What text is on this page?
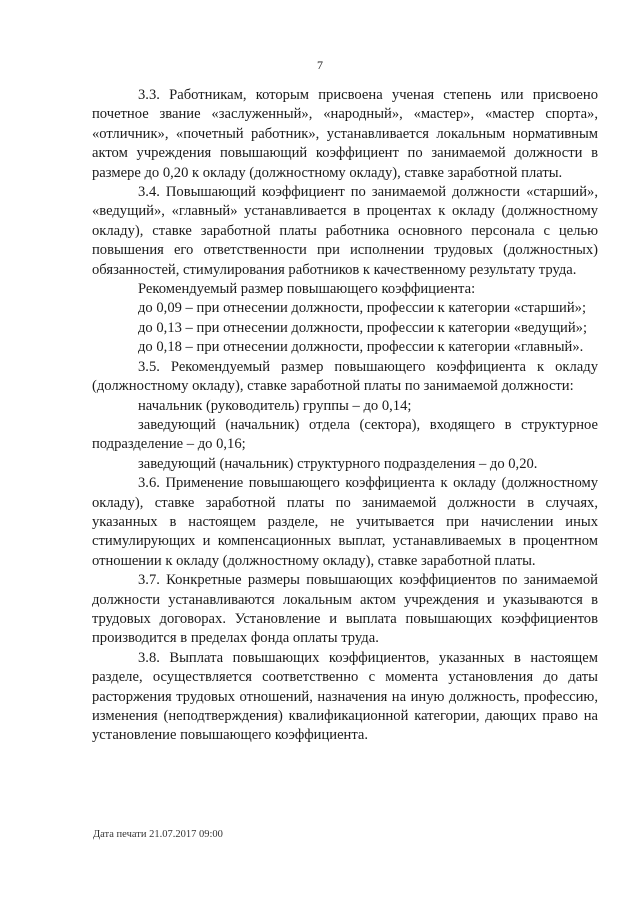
7

3.3. Работникам, которым присвоена ученая степень или присвоено почетное звание «заслуженный», «народный», «мастер», «мастер спорта», «отличник», «почетный работник», устанавливается локальным нормативным актом учреждения повышающий коэффициент по занимаемой должности в размере до 0,20 к окладу (должностному окладу), ставке заработной платы.

3.4. Повышающий коэффициент по занимаемой должности «старший», «ведущий», «главный» устанавливается в процентах к окладу (должностному окладу), ставке заработной платы работника основного персонала с целью повышения его ответственности при исполнении трудовых (должностных) обязанностей, стимулирования работников к качественному результату труда.

Рекомендуемый размер повышающего коэффициента:

до 0,09 – при отнесении должности, профессии к категории «старший»;

до 0,13 – при отнесении должности, профессии к категории «ведущий»;

до 0,18 – при отнесении должности, профессии к категории «главный».

3.5. Рекомендуемый размер повышающего коэффициента к окладу (должностному окладу), ставке заработной платы по занимаемой должности:

начальник (руководитель) группы – до 0,14;

заведующий (начальник) отдела (сектора), входящего в структурное подразделение – до 0,16;

заведующий (начальник) структурного подразделения – до 0,20.

3.6. Применение повышающего коэффициента к окладу (должностному окладу), ставке заработной платы по занимаемой должности в случаях, указанных в настоящем разделе, не учитывается при начислении иных стимулирующих и компенсационных выплат, устанавливаемых в процентном отношении к окладу (должностному окладу), ставке заработной платы.

3.7. Конкретные размеры повышающих коэффициентов по занимаемой должности устанавливаются локальным актом учреждения и указываются в трудовых договорах. Установление и выплата повышающих коэффициентов производится в пределах фонда оплаты труда.

3.8. Выплата повышающих коэффициентов, указанных в настоящем разделе, осуществляется соответственно с момента установления до даты расторжения трудовых отношений, назначения на иную должность, профессию, изменения (неподтверждения) квалификационной категории, дающих право на установление повышающего коэффициента.

Дата печати 21.07.2017 09:00
